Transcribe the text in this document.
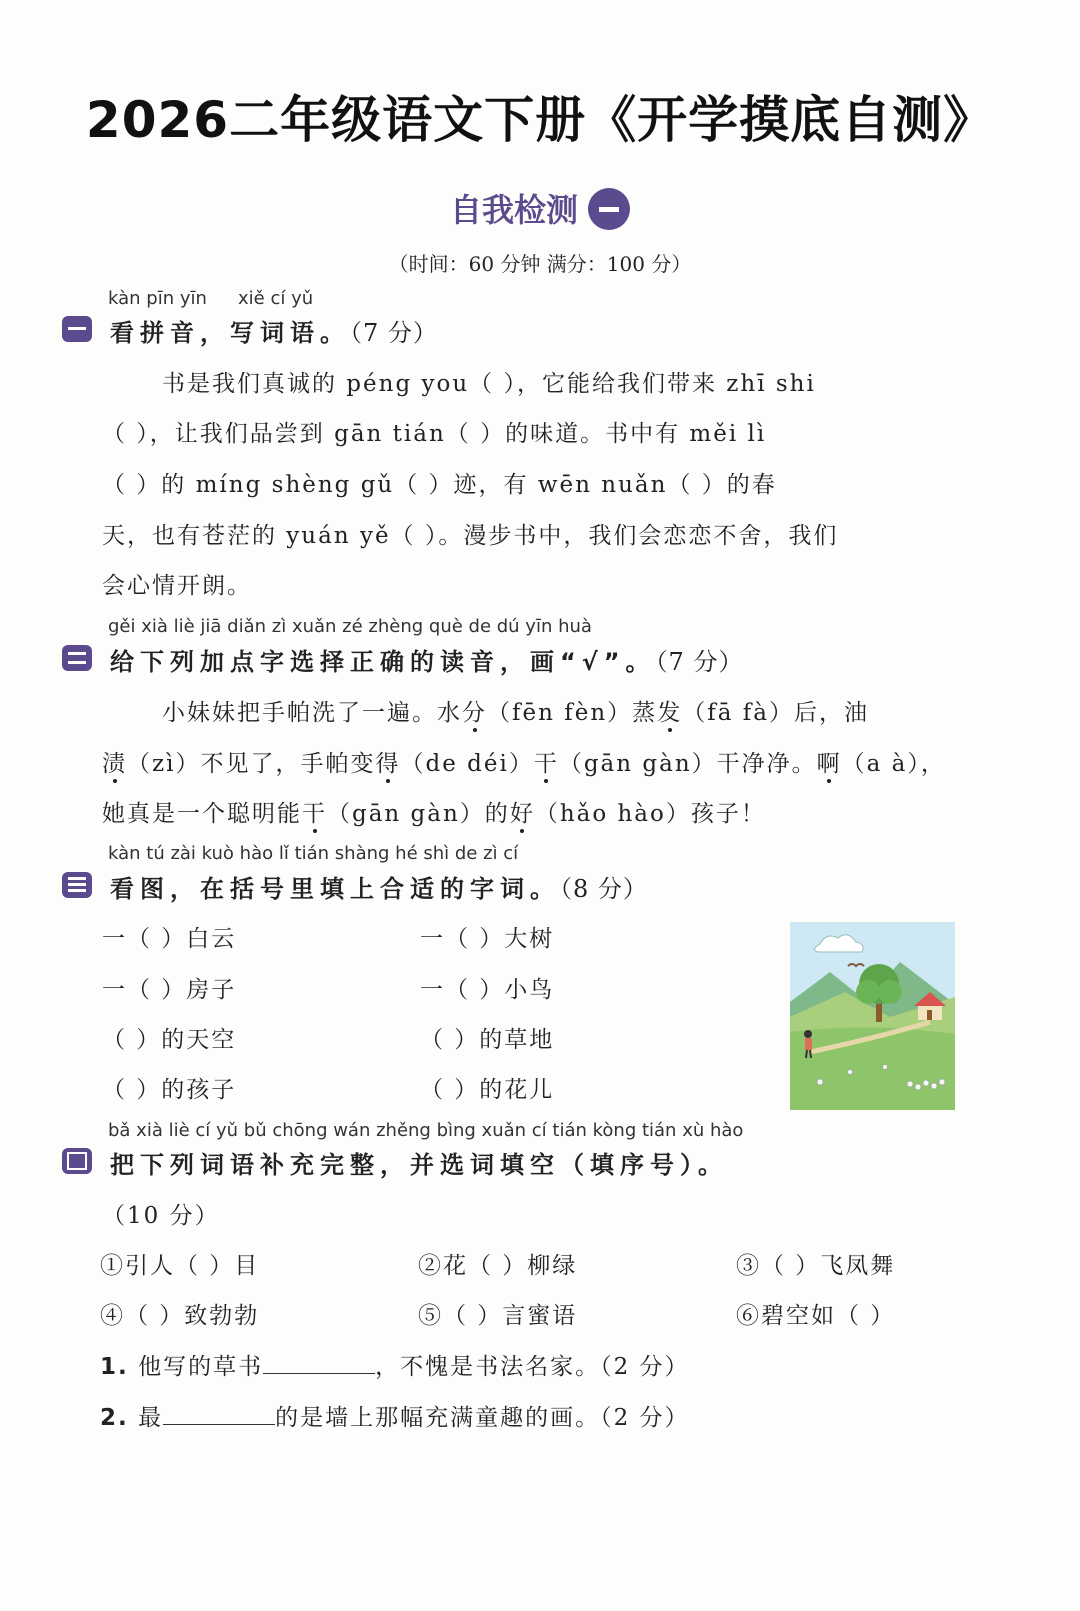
2026二年级语文下册《开学摸底自测》
自我检测
（时间：60 分钟 满分：100 分）
kàn pīn yīn xiě cí yǔ
看拼音，写词语。（7 分）
书是我们真诚的 péng you（ ），它能给我们带来 zhī shi
（ ），让我们品尝到 gān tián（ ）的味道。书中有 měi lì
（ ）的 míng shèng gǔ（ ）迹，有 wēn nuǎn（ ）的春
天，也有苍茫的 yuán yě（ ）。漫步书中，我们会恋恋不舍，我们
会心情开朗。
gěi xià liè jiā diǎn zì xuǎn zé zhèng què de dú yīn huà
给下列加点字选择正确的读音，画“√”。（7 分）
小妹妹把手帕洗了一遍。水分（fēn fèn）蒸发（fā fà）后，油
渍（zì）不见了，手帕变得（de déi）干（gān gàn）干净净。啊（a à），
她真是一个聪明能干（gān gàn）的好（hǎo hào）孩子！
kàn tú zài kuò hào lǐ tián shàng hé shì de zì cí
看图，在括号里填上合适的字词。（8 分）
一（ ）白云	一（ ）大树
一（ ）房子	一（ ）小鸟
（ ）的天空	（ ）的草地
（ ）的孩子	（ ）的花儿
bǎ xià liè cí yǔ bǔ chōng wán zhěng bìng xuǎn cí tián kòng tián xù hào
把下列词语补充完整，并选词填空（填序号）。
（10 分）
①引人（ ）目	②花（ ）柳绿	③（ ）飞凤舞
④（ ）致勃勃	⑤（ ）言蜜语	⑥碧空如（ ）
1. 他写的草书	，不愧是书法名家。（2 分）
2. 最	的是墙上那幅充满童趣的画。（2 分）
